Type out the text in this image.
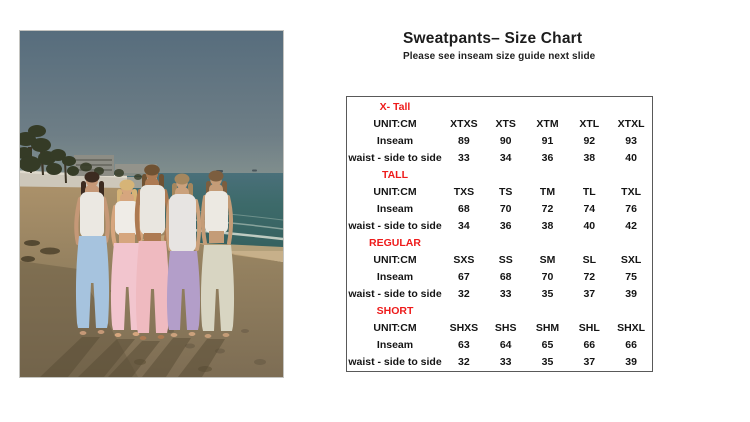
Sweatpants– Size Chart
Please see inseam size guide next slide
X- Tall
UNIT:CM	XTXS	XTS	XTM	XTL	XTXL
Inseam	89	90	91	92	93
waist - side to side	33	34	36	38	40
TALL
UNIT:CM	TXS	TS	TM	TL	TXL
Inseam	68	70	72	74	76
waist - side to side	34	36	38	40	42
REGULAR
UNIT:CM	SXS	SS	SM	SL	SXL
Inseam	67	68	70	72	75
waist - side to side	32	33	35	37	39
SHORT
UNIT:CM	SHXS	SHS	SHM	SHL	SHXL
Inseam	63	64	65	66	66
waist - side to side	32	33	35	37	39
